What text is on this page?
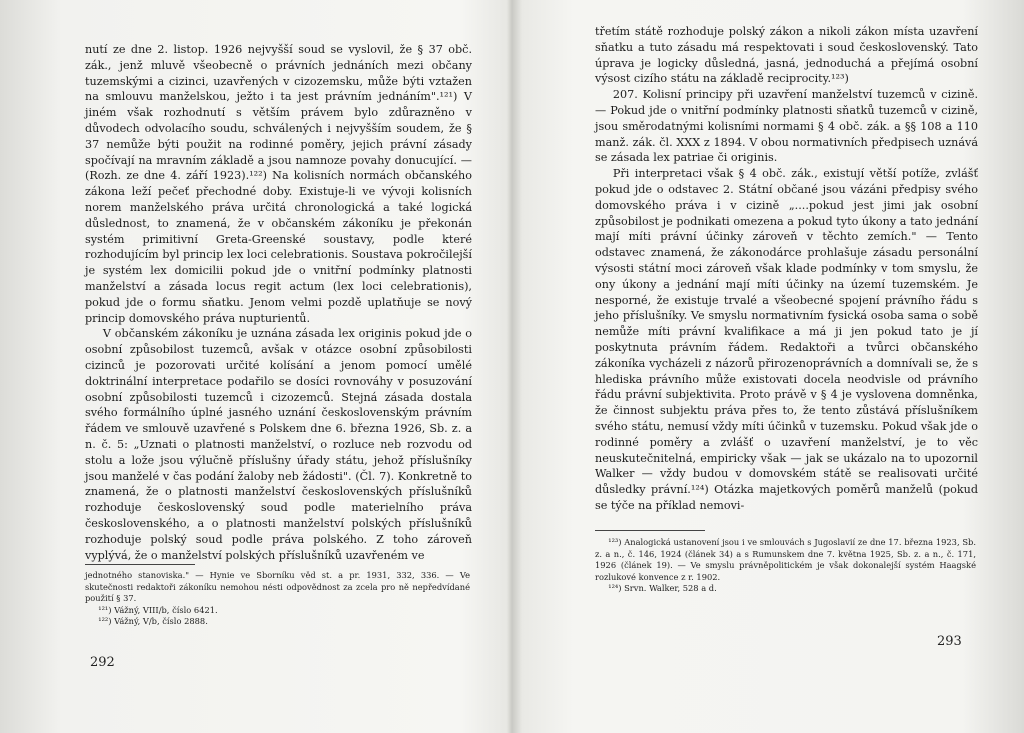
nutí ze dne 2. listop. 1926 nejvyšší soud se vyslovil, že § 37 obč. zák., jenž mluvě všeobecně o právních jednáních mezi občany tuzemskými a cizinci, uzavřených v cizozemsku, může býti vztažen na smlouvu manželskou, ježto i ta jest právním jednáním".¹²¹) V jiném však rozhodnutí s větším právem bylo zdůrazněno v důvodech odvolacího soudu, schválených i nejvyšším soudem, že § 37 nemůže býti použit na rodinné poměry, jejich právní zásady spočívají na mravním základě a jsou namnoze povahy donucující. — (Rozh. ze dne 4. září 1923).¹²²) Na kolisních normách občanského zákona leží pečeť přechodné doby. Existuje-li ve vývoji kolisních norem manželského práva určitá chronologická a také logická důslednost, to znamená, že v občanském zákoníku je překonán systém primitivní Greta-Greenské soustavy, podle které rozhodujícím byl princip lex loci celebrationis. Soustava pokročilejší je systém lex domicilii pokud jde o vnitřní podmínky platnosti manželství a zásada locus regit actum (lex loci celebrationis), pokud jde o formu sňatku. Jenom velmi pozdě uplatňuje se nový princip domovského práva nupturientů.

V občanském zákoníku je uznána zásada lex originis pokud jde o osobní způsobilost tuzemců, avšak v otázce osobní způsobilosti cizinců je pozorovati určité kolísání a jenom pomocí umělé doktrinální interpretace podařilo se dosíci rovnováhy v posuzování osobní způsobilosti tuzemců i cizozemců. Stejná zásada dostala svého formálního úplné jasného uznání československým právním řádem ve smlouvě uzavřené s Polskem dne 6. března 1926, Sb. z. a n. č. 5: „Uznati o platnosti manželství, o rozluce neb rozvodu od stolu a lože jsou výlučně příslušny úřady státu, jehož příslušníky jsou manželé v čas podání žaloby neb žádosti". (Čl. 7). Konkretně to znamená, že o platnosti manželství československých příslušníků rozhoduje československý soud podle materielního práva československého, a o platnosti manželství polských příslušníků rozhoduje polský soud podle práva polského. Z toho zároveň vyplývá, že o manželství polských příslušníků uzavřeném ve

jednotného stanoviska." — Hynie ve Sborníku věd st. a pr. 1931, 332, 336. — Ve skutečnosti redaktoři zákoníku nemohou nésti odpovědnost za zcela pro ně nepředvídané použití § 37.

¹²¹) Vážný, VIII/b, číslo 6421.

¹²²) Vážný, V/b, číslo 2888.

292

třetím státě rozhoduje polský zákon a nikoli zákon místa uzavření sňatku a tuto zásadu má respektovati i soud československý. Tato úprava je logicky důsledná, jasná, jednoduchá a přejímá osobní výsost cizího státu na základě reciprocity.¹²³)

207. Kolisní principy při uzavření manželství tuzemců v cizině. — Pokud jde o vnitřní podmínky platnosti sňatků tuzemců v cizině, jsou směrodatnými kolisními normami § 4 obč. zák. a §§ 108 a 110 manž. zák. čl. XXX z 1894. V obou normativních předpisech uznává se zásada lex patriae či originis.

Při interpretaci však § 4 obč. zák., existují větší potíže, zvlášť pokud jde o odstavec 2. Státní občané jsou vázáni předpisy svého domovského práva i v cizině „....pokud jest jimi jak osobní způsobilost je podnikati omezena a pokud tyto úkony a tato jednání mají míti právní účinky zároveň v těchto zemích." — Tento odstavec znamená, že zákonodárce prohlašuje zásadu personální výsosti státní moci zároveň však klade podmínky v tom smyslu, že ony úkony a jednání mají míti účinky na území tuzemském. Je nesporné, že existuje trvalé a všeobecné spojení právního řádu s jeho příslušníky. Ve smyslu normativním fysická osoba sama o sobě nemůže míti právní kvalifikace a má ji jen pokud tato je jí poskytnuta právním řádem. Redaktoři a tvůrci občanského zákoníka vycházeli z názorů přirozenoprávních a domnívali se, že s hlediska právního může existovati docela neodvisle od právního řádu právní subjektivita. Proto právě v § 4 je vyslovena domněnka, že činnost subjektu práva přes to, že tento zůstává příslušníkem svého státu, nemusí vždy míti účinků v tuzemsku. Pokud však jde o rodinné poměry a zvlášť o uzavření manželství, je to věc neuskutečnitelná, empiricky však — jak se ukázalo na to upozornil Walker — vždy budou v domovském státě se realisovati určité důsledky právní.¹²⁴) Otázka majetkových poměrů manželů (pokud se týče na příklad nemovi-

¹²³) Analogická ustanovení jsou i ve smlouvách s Jugoslavií ze dne 17. března 1923, Sb. z. a n., č. 146, 1924 (článek 34) a s Rumunskem dne 7. května 1925, Sb. z. a n., č. 171, 1926 (článek 19). — Ve smyslu právněpolitickém je však dokonalejší systém Haagské rozlukové konvence z r. 1902.

¹²⁴) Srvn. Walker, 528 a d.

293
